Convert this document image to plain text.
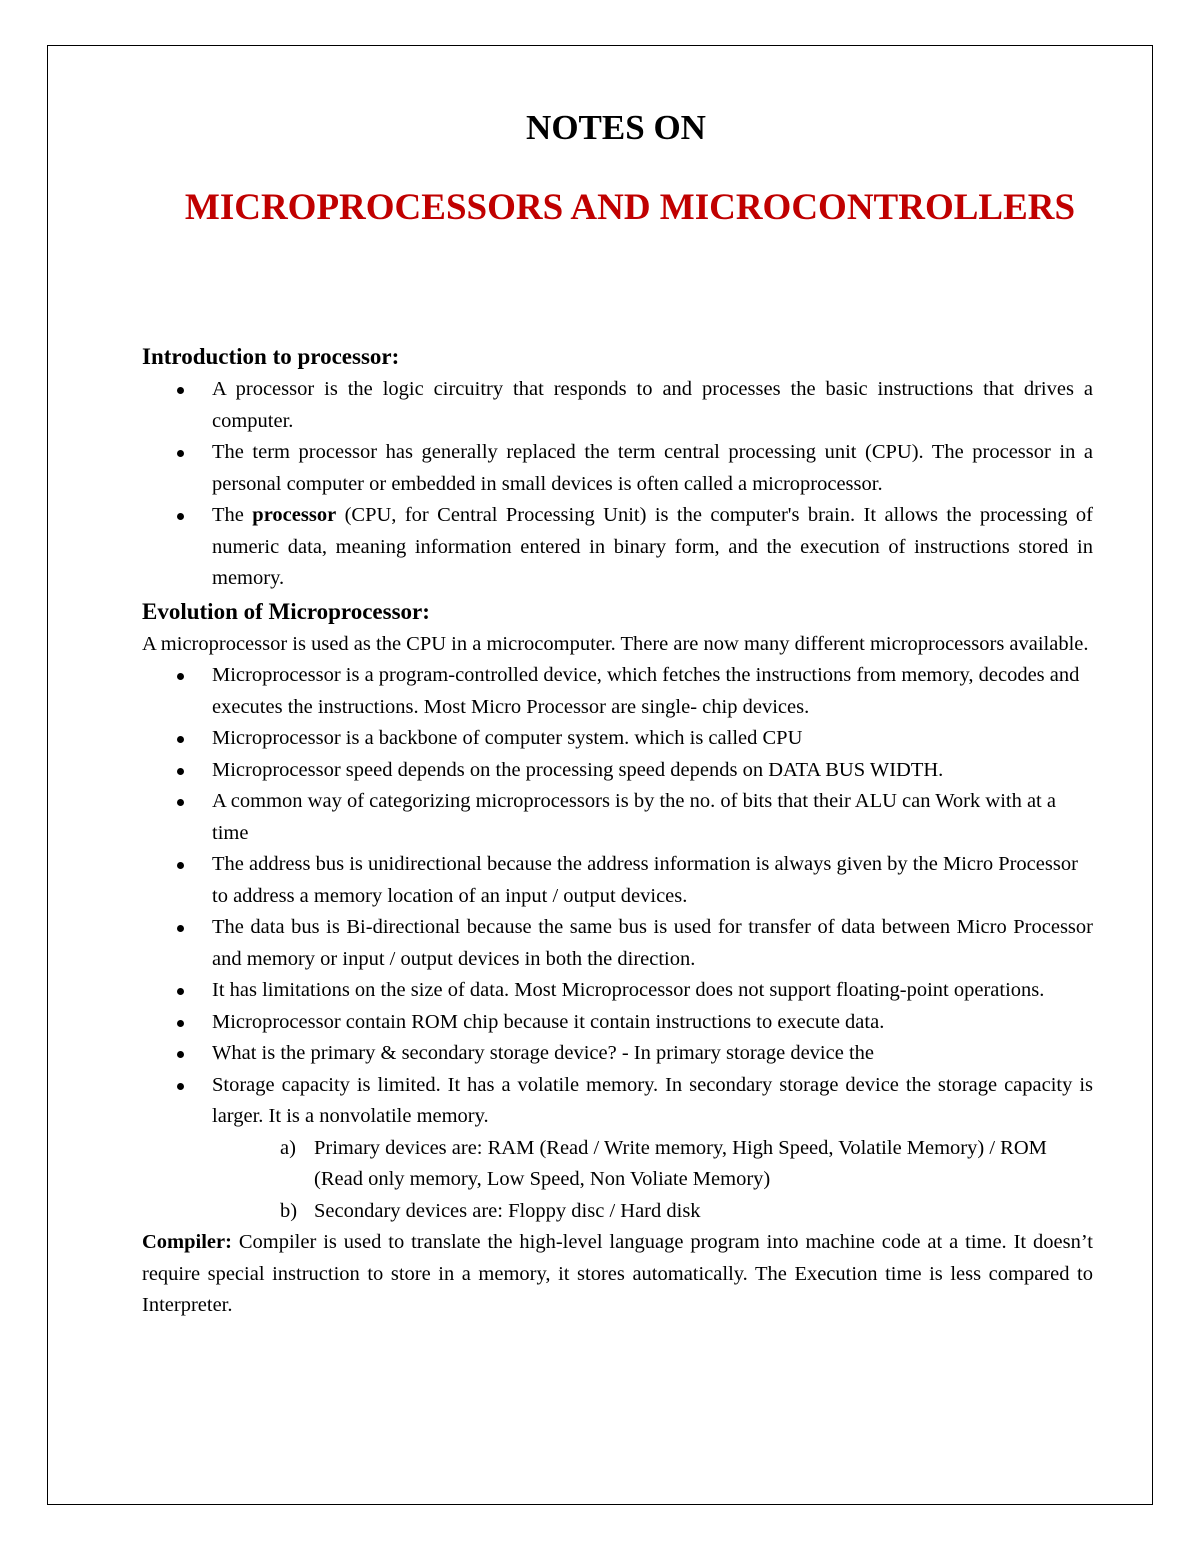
NOTES ON
MICROPROCESSORS AND MICROCONTROLLERS
Introduction to processor:
A processor is the logic circuitry that responds to and processes the basic instructions that drives a computer.
The term processor has generally replaced the term central processing unit (CPU). The processor in a personal computer or embedded in small devices is often called a microprocessor.
The processor (CPU, for Central Processing Unit) is the computer's brain. It allows the processing of numeric data, meaning information entered in binary form, and the execution of instructions stored in memory.
Evolution of Microprocessor:
A microprocessor is used as the CPU in a microcomputer. There are now many different microprocessors available.
Microprocessor is a program-controlled device, which fetches the instructions from memory, decodes and executes the instructions. Most Micro Processor are single- chip devices.
Microprocessor is a backbone of computer system. which is called CPU
Microprocessor speed depends on the processing speed depends on DATA BUS WIDTH.
A common way of categorizing microprocessors is by the no. of bits that their ALU can Work with at a time
The address bus is unidirectional because the address information is always given by the Micro Processor to address a memory location of an input / output devices.
The data bus is Bi-directional because the same bus is used for transfer of data between Micro Processor and memory or input / output devices in both the direction.
It has limitations on the size of data. Most Microprocessor does not support floating-point operations.
Microprocessor contain ROM chip because it contain instructions to execute data.
What is the primary & secondary storage device? - In primary storage device the
Storage capacity is limited. It has a volatile memory. In secondary storage device the storage capacity is larger. It is a nonvolatile memory.
a) Primary devices are: RAM (Read / Write memory, High Speed, Volatile Memory) / ROM (Read only memory, Low Speed, Non Voliate Memory)
b) Secondary devices are: Floppy disc / Hard disk
Compiler: Compiler is used to translate the high-level language program into machine code at a time. It doesn’t require special instruction to store in a memory, it stores automatically. The Execution time is less compared to Interpreter.
